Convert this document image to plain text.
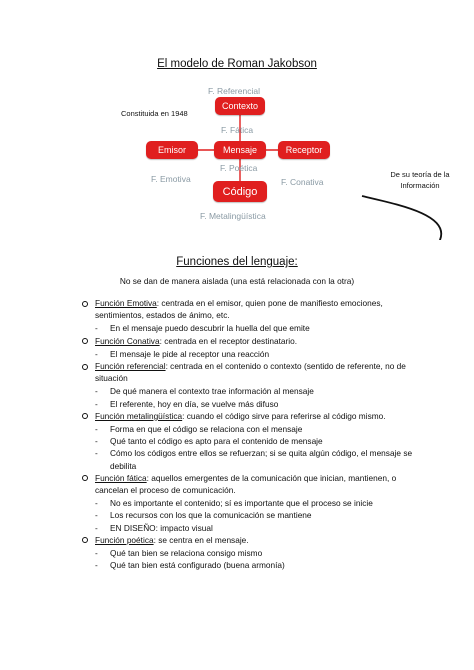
El modelo de Roman Jakobson
F. Referencial
Contexto
Constituida en 1948
F. Fática
Emisor	Mensaje	Receptor
F. Poética
F. Emotiva	F. Conativa
De su teoría de la
Información
Código
F. Metalingüística
Funciones del lenguaje:
No se dan de manera aislada (una está relacionada con la otra)
Función Emotiva: centrada en el emisor, quien pone de manifiesto emociones, sentimientos, estados de ánimo, etc.
- En el mensaje puedo descubrir la huella del que emite
Función Conativa: centrada en el receptor destinatario.
- El mensaje le pide al receptor una reacción
Función referencial: centrada en el contenido o contexto (sentido de referente, no de situación
- De qué manera el contexto trae información al mensaje
- El referente, hoy en día, se vuelve más difuso
Función metalingüística: cuando el código sirve para referirse al código mismo.
- Forma en que el código se relaciona con el mensaje
- Qué tanto el código es apto para el contenido de mensaje
- Cómo los códigos entre ellos se refuerzan; si se quita algún código, el mensaje se debilita
Función fática: aquellos emergentes de la comunicación que inician, mantienen, o cancelan el proceso de comunicación.
- No es importante el contenido; sí es importante que el proceso se inicie
- Los recursos con los que la comunicación se mantiene
- EN DISEÑO: impacto visual
Función poética: se centra en el mensaje.
- Qué tan bien se relaciona consigo mismo
- Qué tan bien está configurado (buena armonía)
